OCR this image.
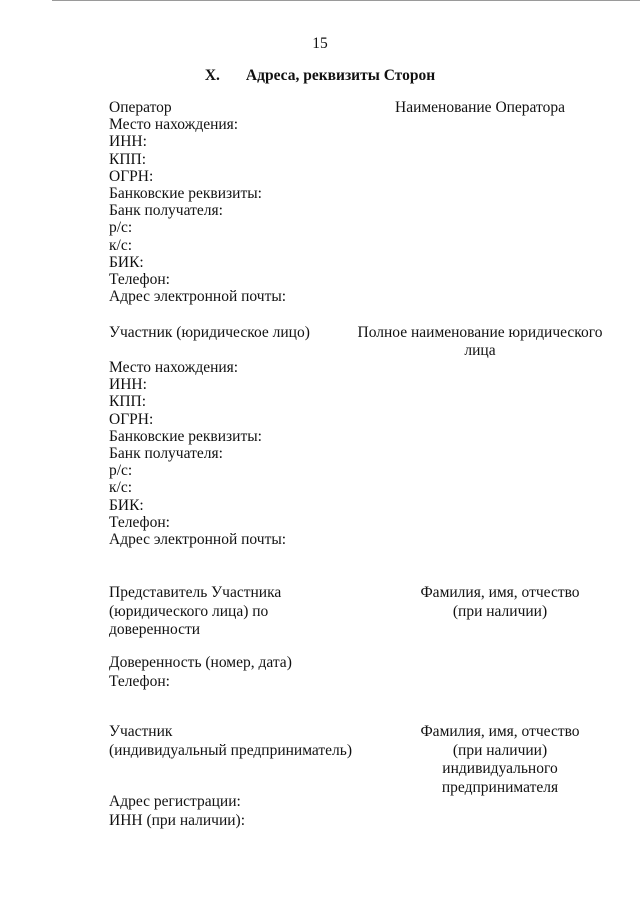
15
X. Адреса, реквизиты Сторон
Оператор
Место нахождения:
ИНН:
КПП:
ОГРН:
Банковские реквизиты:
Банк получателя:
р/с:
к/с:
БИК:
Телефон:
Адрес электронной почты:
Наименование Оператора
Участник (юридическое лицо)	Полное наименование юридического
лица
Место нахождения:
ИНН:
КПП:
ОГРН:
Банковские реквизиты:
Банк получателя:
р/с:
к/с:
БИК:
Телефон:
Адрес электронной почты:
Представитель Участника
(юридического лица) по
доверенности
Фамилия, имя, отчество
(при наличии)
Доверенность (номер, дата)
Телефон:
Участник
(индивидуальный предприниматель)
Фамилия, имя, отчество
(при наличии)
индивидуального
предпринимателя
Адрес регистрации:
ИНН (при наличии):
